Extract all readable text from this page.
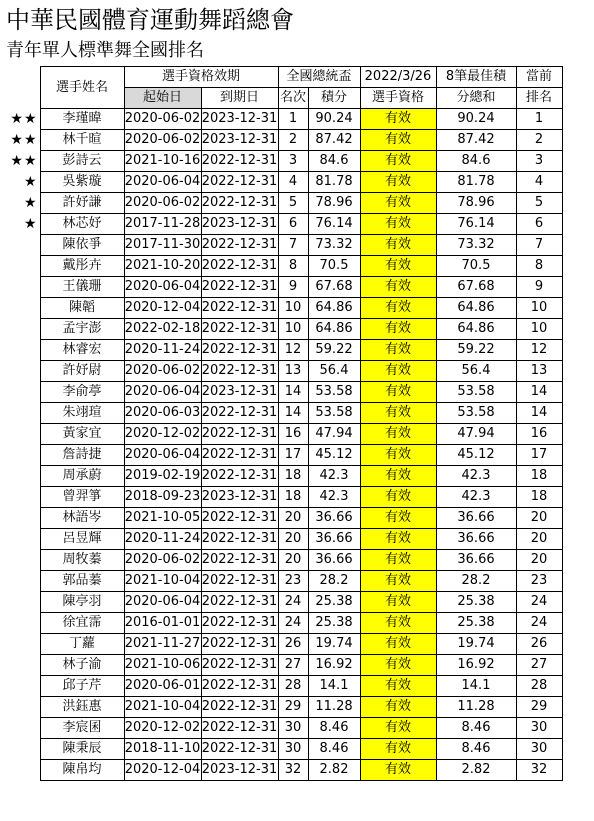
中華民國體育運動舞蹈總會
青年單人標準舞全國排名
	選手姓名	選手資格效期		全國總統盃		2022/3/26	8筆最佳積	當前
		起始日	到期日	名次	積分	選手資格	分總和	排名
★★	李瑾暐	2020-06-02	2023-12-31	1	90.24	有效	90.24	1
★★	林千暄	2020-06-02	2023-12-31	2	87.42	有效	87.42	2
★★	彭詩云	2021-10-16	2022-12-31	3	84.6	有效	84.6	3
★	吳紫璇	2020-06-04	2022-12-31	4	81.78	有效	81.78	4
★	許妤謙	2020-06-02	2022-12-31	5	78.96	有效	78.96	5
★	林芯妤	2017-11-28	2023-12-31	6	76.14	有效	76.14	6
	陳依爭	2017-11-30	2022-12-31	7	73.32	有效	73.32	7
	戴彤卉	2021-10-20	2022-12-31	8	70.5	有效	70.5	8
	王儀珊	2020-06-04	2022-12-31	9	67.68	有效	67.68	9
	陳韜	2020-12-04	2022-12-31	10	64.86	有效	64.86	10
	孟宇澎	2022-02-18	2022-12-31	10	64.86	有效	64.86	10
	林睿宏	2020-11-24	2022-12-31	12	59.22	有效	59.22	12
	許妤尉	2020-06-02	2022-12-31	13	56.4	有效	56.4	13
	李俞葶	2020-06-04	2023-12-31	14	53.58	有效	53.58	14
	朱翊瑄	2020-06-03	2022-12-31	14	53.58	有效	53.58	14
	黃家宜	2020-12-02	2022-12-31	16	47.94	有效	47.94	16
	詹詩捷	2020-06-04	2022-12-31	17	45.12	有效	45.12	17
	周承蔚	2019-02-19	2022-12-31	18	42.3	有效	42.3	18
	曾羿箏	2018-09-23	2023-12-31	18	42.3	有效	42.3	18
	林語岑	2021-10-05	2022-12-31	20	36.66	有效	36.66	20
	呂昱輝	2020-11-24	2022-12-31	20	36.66	有效	36.66	20
	周牧蓁	2020-06-02	2022-12-31	20	36.66	有效	36.66	20
	郭品蓁	2021-10-04	2022-12-31	23	28.2	有效	28.2	23
	陳亭羽	2020-06-04	2022-12-31	24	25.38	有效	25.38	24
	徐宜霈	2016-01-01	2022-12-31	24	25.38	有效	25.38	24
	丁蘿	2021-11-27	2022-12-31	26	19.74	有效	19.74	26
	林子渝	2021-10-06	2022-12-31	27	16.92	有效	16.92	27
	邱子芹	2020-06-01	2022-12-31	28	14.1	有效	14.1	28
	洪鈺惠	2021-10-04	2022-12-31	29	11.28	有效	11.28	29
	李宸囷	2020-12-02	2022-12-31	30	8.46	有效	8.46	30
	陳秉辰	2018-11-10	2022-12-31	30	8.46	有效	8.46	30
	陳帛均	2020-12-04	2023-12-31	32	2.82	有效	2.82	32
